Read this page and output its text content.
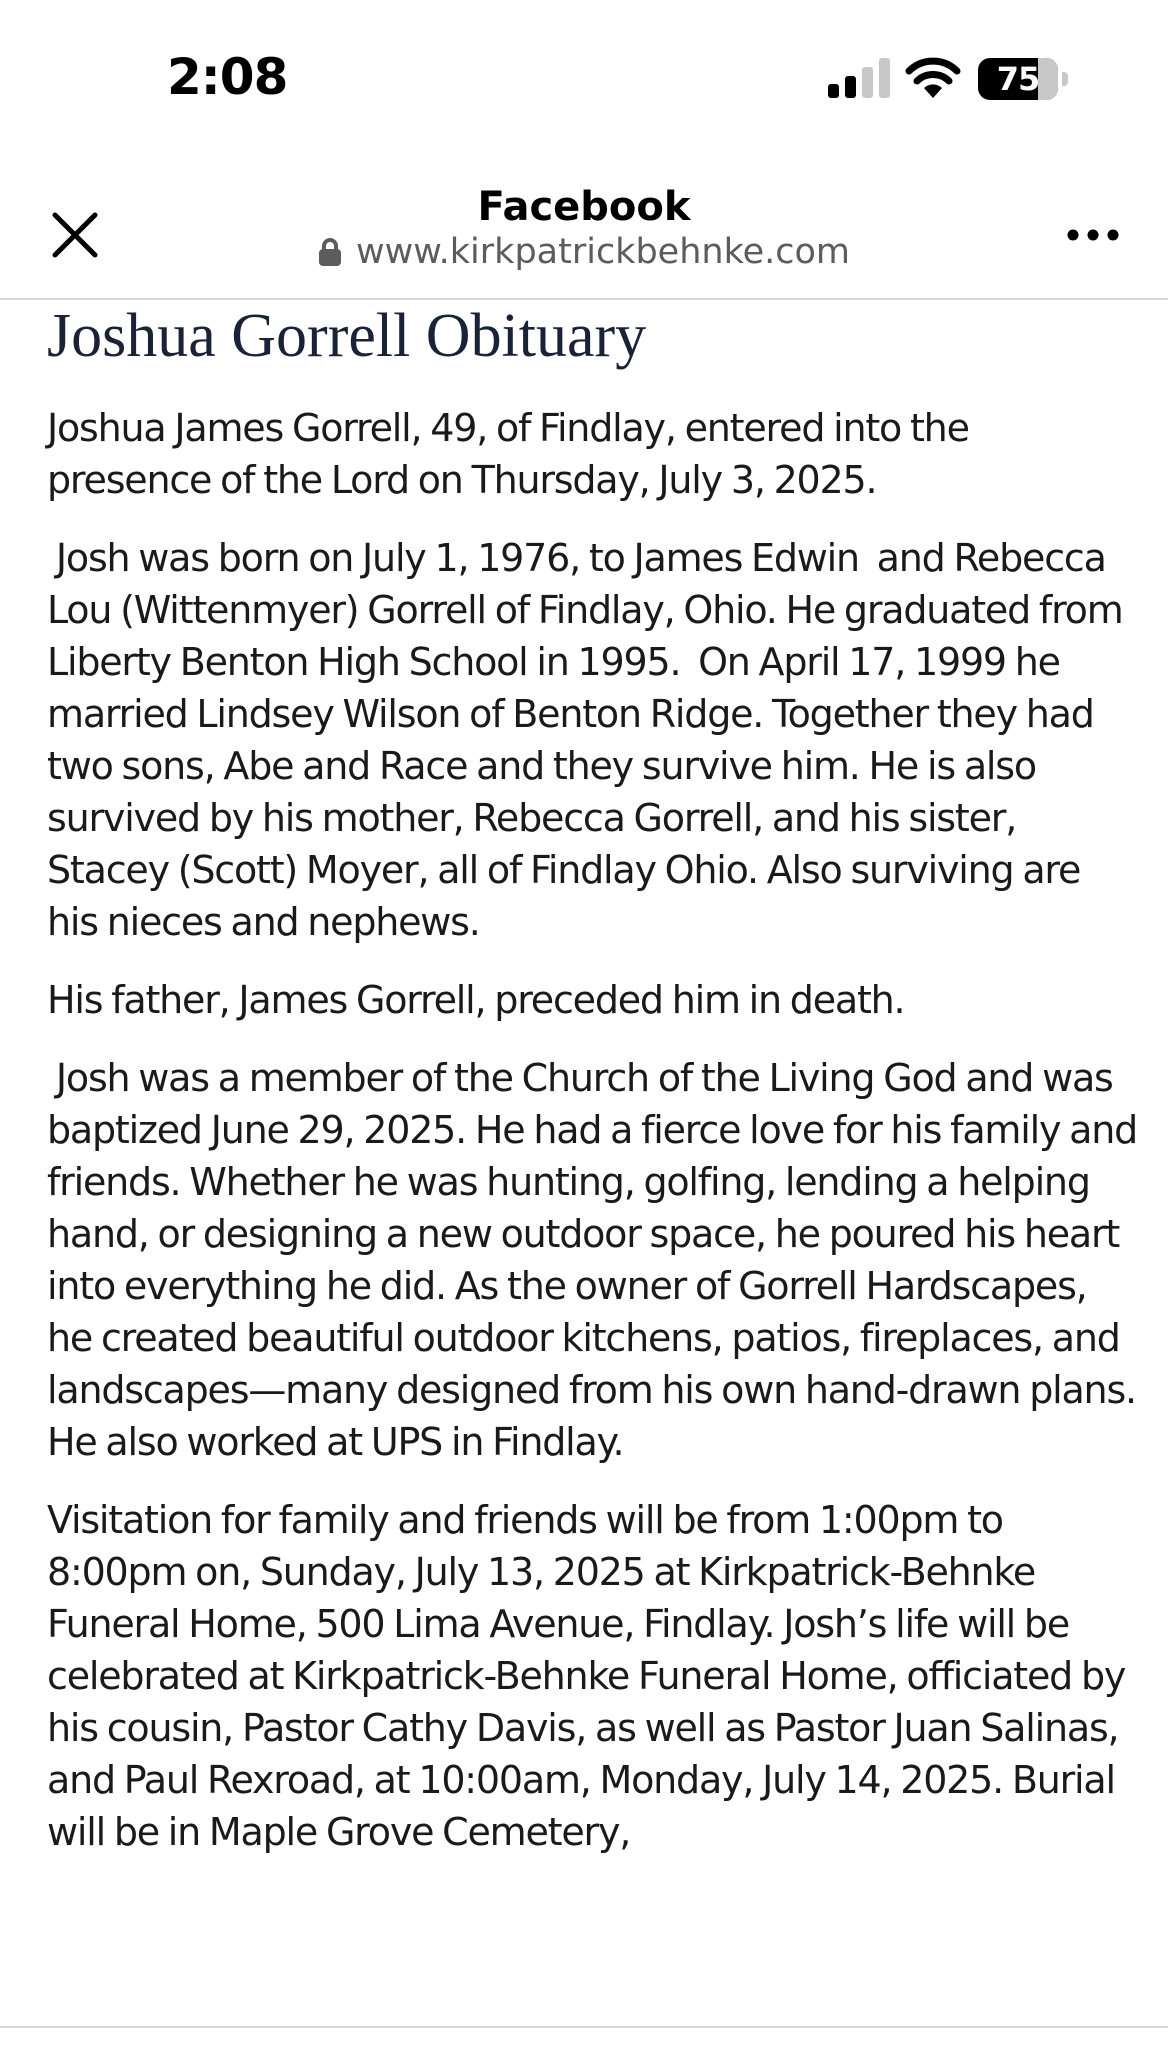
2:08	75
Facebook
www.kirkpatrickbehnke.com
Joshua Gorrell Obituary

Joshua James Gorrell, 49, of Findlay, entered into the presence of the Lord on Thursday, July 3, 2025.

Josh was born on July 1, 1976, to James Edwin  and Rebecca Lou (Wittenmyer) Gorrell of Findlay, Ohio. He graduated from Liberty Benton High School in 1995.  On April 17, 1999 he married Lindsey Wilson of Benton Ridge. Together they had two sons, Abe and Race and they survive him. He is also survived by his mother, Rebecca Gorrell, and his sister, Stacey (Scott) Moyer, all of Findlay Ohio. Also surviving are his nieces and nephews.

His father, James Gorrell, preceded him in death.

Josh was a member of the Church of the Living God and was baptized June 29, 2025. He had a fierce love for his family and friends. Whether he was hunting, golfing, lending a helping hand, or designing a new outdoor space, he poured his heart into everything he did. As the owner of Gorrell Hardscapes, he created beautiful outdoor kitchens, patios, fireplaces, and landscapes—many designed from his own hand-drawn plans. He also worked at UPS in Findlay.

Visitation for family and friends will be from 1:00pm to 8:00pm on, Sunday, July 13, 2025 at Kirkpatrick-Behnke Funeral Home, 500 Lima Avenue, Findlay. Josh’s life will be celebrated at Kirkpatrick-Behnke Funeral Home, officiated by his cousin, Pastor Cathy Davis, as well as Pastor Juan Salinas, and Paul Rexroad, at 10:00am, Monday, July 14, 2025. Burial will be in Maple Grove Cemetery,
